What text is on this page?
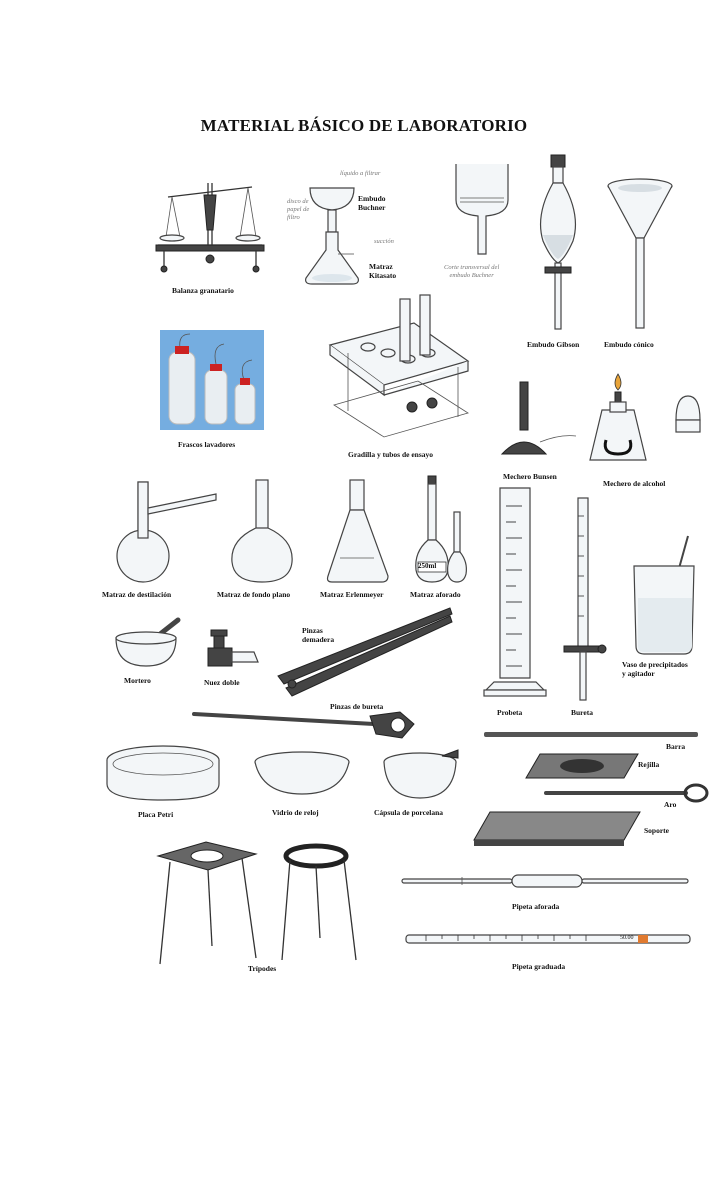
MATERIAL BÁSICO DE LABORATORIO
Balanza granatario
líquido a filtrar
disco de
papel de
filtro
succión
Embudo
Buchner
Matraz
Kitasato
Corte transversal del
embudo Buchner
Embudo Gibson	Embudo cónico
Frascos lavadores
Gradilla y tubos de ensayo
Mechero Bunsen
Mechero de alcohol
Matraz de destilación	Matraz de fondo plano	Matraz Erlenmeyer
250ml
Matraz aforado
Probeta	Bureta
Vaso de precipitados
y agitador
Mortero	Nuez doble
Pinzas
demadera
Pinzas de bureta
Barra
Rejilla
Aro
Soporte
Placa Petri	Vidrio de reloj	Cápsula de porcelana
Trípodes
Pipeta aforada
50.00
Pipeta graduada
